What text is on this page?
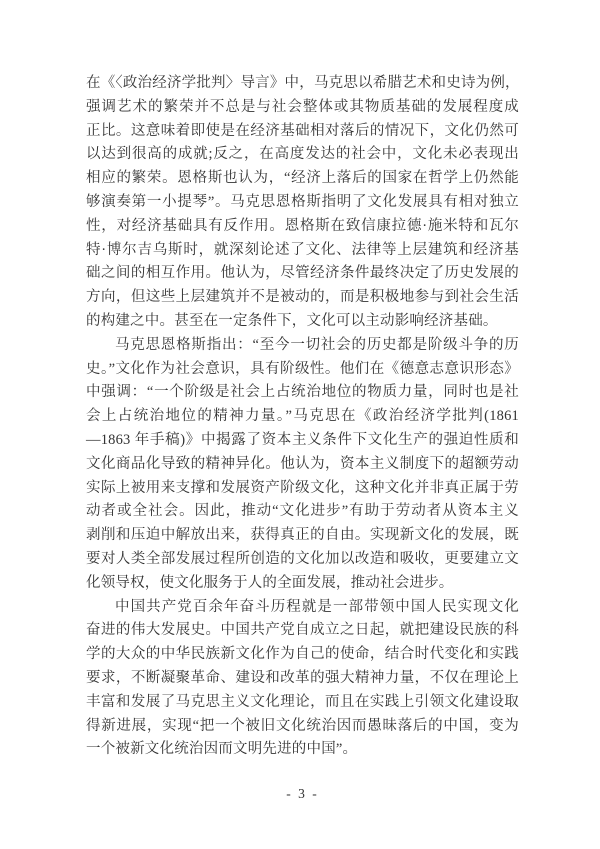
在《〈政治经济学批判〉导言》中，马克思以希腊艺术和史诗为例，
强调艺术的繁荣并不总是与社会整体或其物质基础的发展程度成
正比。这意味着即使是在经济基础相对落后的情况下，文化仍然可
以达到很高的成就;反之，在高度发达的社会中，文化未必表现出
相应的繁荣。恩格斯也认为，“经济上落后的国家在哲学上仍然能
够演奏第一小提琴”。马克思恩格斯指明了文化发展具有相对独立
性，对经济基础具有反作用。恩格斯在致信康拉德·施米特和瓦尔
特·博尔吉乌斯时，就深刻论述了文化、法律等上层建筑和经济基
础之间的相互作用。他认为，尽管经济条件最终决定了历史发展的
方向，但这些上层建筑并不是被动的，而是积极地参与到社会生活
的构建之中。甚至在一定条件下，文化可以主动影响经济基础。
马克思恩格斯指出：“至今一切社会的历史都是阶级斗争的历
史。”文化作为社会意识，具有阶级性。他们在《德意志意识形态》
中强调：“一个阶级是社会上占统治地位的物质力量，同时也是社
会上占统治地位的精神力量。”马克思在《政治经济学批判(1861
—1863 年手稿)》中揭露了资本主义条件下文化生产的强迫性质和
文化商品化导致的精神异化。他认为，资本主义制度下的超额劳动
实际上被用来支撑和发展资产阶级文化，这种文化并非真正属于劳
动者或全社会。因此，推动“文化进步”有助于劳动者从资本主义
剥削和压迫中解放出来，获得真正的自由。实现新文化的发展，既
要对人类全部发展过程所创造的文化加以改造和吸收，更要建立文
化领导权，使文化服务于人的全面发展，推动社会进步。
中国共产党百余年奋斗历程就是一部带领中国人民实现文化
奋进的伟大发展史。中国共产党自成立之日起，就把建设民族的科
学的大众的中华民族新文化作为自己的使命，结合时代变化和实践
要求，不断凝聚革命、建设和改革的强大精神力量，不仅在理论上
丰富和发展了马克思主义文化理论，而且在实践上引领文化建设取
得新进展，实现“把一个被旧文化统治因而愚昧落后的中国，变为
一个被新文化统治因而文明先进的中国”。
- 3 -
